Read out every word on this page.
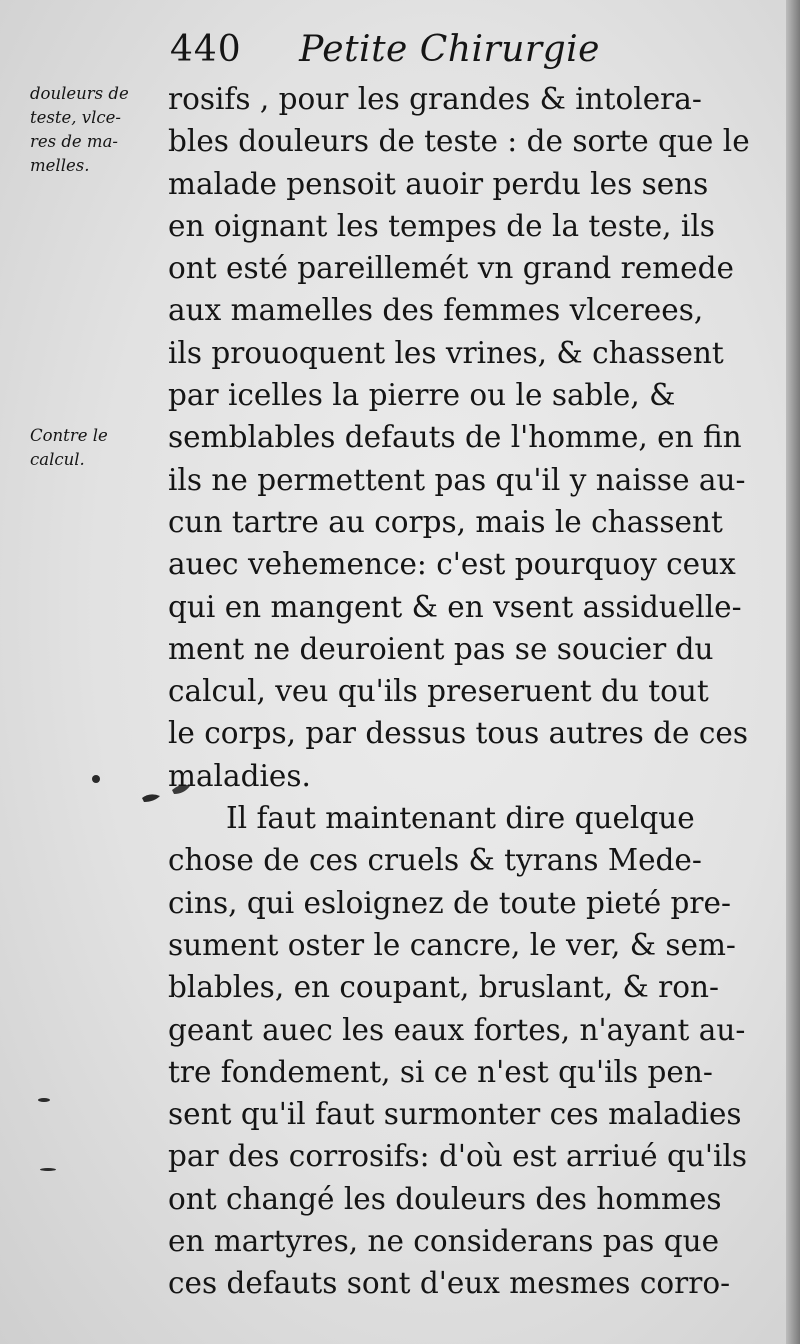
440 Petite Chirurgie
douleurs de
teste, vlce-
res de ma-
melles.
Contre le
calcul.
rosifs , pour les grandes & intolera-
bles douleurs de teste : de sorte que le
malade pensoit auoir perdu les sens
en oignant les tempes de la teste, ils
ont esté pareillemét vn grand remede
aux mamelles des femmes vlcerees,
ils prouoquent les vrines, & chassent
par icelles la pierre ou le sable, &
semblables defauts de l'homme, en fin
ils ne permettent pas qu'il y naisse au-
cun tartre au corps, mais le chassent
auec vehemence: c'est pourquoy ceux
qui en mangent & en vsent assiduelle-
ment ne deuroient pas se soucier du
calcul, veu qu'ils preseruent du tout
le corps, par dessus tous autres de ces
maladies.
Il faut maintenant dire quelque
chose de ces cruels & tyrans Mede-
cins, qui esloignez de toute pieté pre-
sument oster le cancre, le ver, & sem-
blables, en coupant, bruslant, & ron-
geant auec les eaux fortes, n'ayant au-
tre fondement, si ce n'est qu'ils pen-
sent qu'il faut surmonter ces maladies
par des corrosifs: d'où est arriué qu'ils
ont changé les douleurs des hommes
en martyres, ne considerans pas que
ces defauts sont d'eux mesmes corro-
